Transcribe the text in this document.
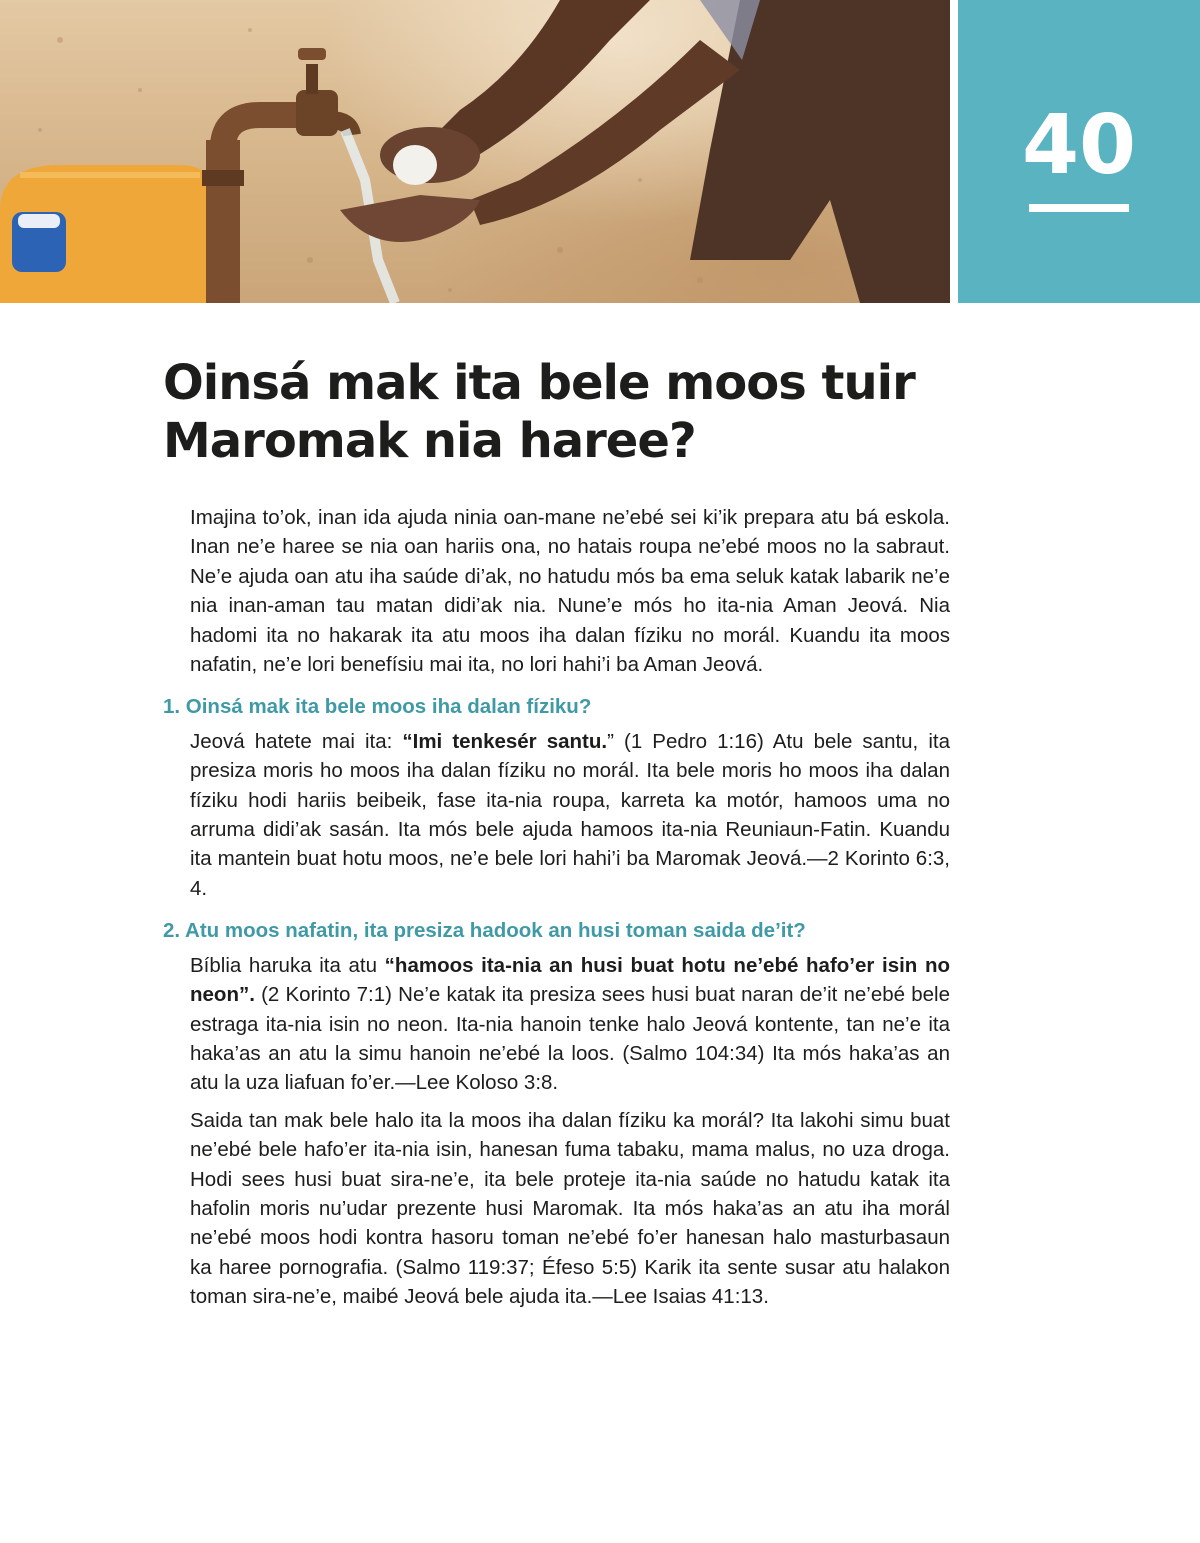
40
Oinsá mak ita bele moos tuir Maromak nia haree?

Imajina to’ok, inan ida ajuda ninia oan-mane ne’ebé sei ki’ik prepara atu bá eskola. Inan ne’e haree se nia oan hariis ona, no hatais roupa ne’ebé moos no la sabraut. Ne’e ajuda oan atu iha saúde di’ak, no hatudu mós ba ema seluk katak labarik ne’e nia inan-aman tau matan didi’ak nia. Nune’e mós ho ita-nia Aman Jeová. Nia hadomi ita no hakarak ita atu moos iha dalan fíziku no morál. Kuandu ita moos nafatin, ne’e lori benefísiu mai ita, no lori hahi’i ba Aman Jeová.

1. Oinsá mak ita bele moos iha dalan fíziku?

Jeová hatete mai ita: “Imi tenkesér santu.” (1 Pedro 1:16) Atu bele santu, ita presiza moris ho moos iha dalan fíziku no morál. Ita bele moris ho moos iha dalan fíziku hodi hariis beibeik, fase ita-nia roupa, karreta ka motór, hamoos uma no arruma didi’ak sasán. Ita mós bele ajuda hamoos ita-nia Reuniaun-Fatin. Kuandu ita mantein buat hotu moos, ne’e bele lori hahi’i ba Maromak Jeová.—2 Korinto 6:3, 4.

2. Atu moos nafatin, ita presiza hadook an husi toman saida de’it?

Bíblia haruka ita atu “hamoos ita-nia an husi buat hotu ne’ebé hafo’er isin no neon”. (2 Korinto 7:1) Ne’e katak ita presiza sees husi buat naran de’it ne’ebé bele estraga ita-nia isin no neon. Ita-nia hanoin tenke halo Jeová kontente, tan ne’e ita haka’as an atu la simu hanoin ne’ebé la loos. (Salmo 104:34) Ita mós haka’as an atu la uza liafuan fo’er.—Lee Koloso 3:8.

Saida tan mak bele halo ita la moos iha dalan fíziku ka morál? Ita lakohi simu buat ne’ebé bele hafo’er ita-nia isin, hanesan fuma tabaku, mama malus, no uza droga. Hodi sees husi buat sira-ne’e, ita bele proteje ita-nia saúde no hatudu katak ita hafolin moris nu’udar prezente husi Maromak. Ita mós haka’as an atu iha morál ne’ebé moos hodi kontra hasoru toman ne’ebé fo’er hanesan halo masturbasaun ka haree pornografia. (Salmo 119:37; Éfeso 5:5) Karik ita sente susar atu halakon toman sira-ne’e, maibé Jeová bele ajuda ita.—Lee Isaias 41:13.
